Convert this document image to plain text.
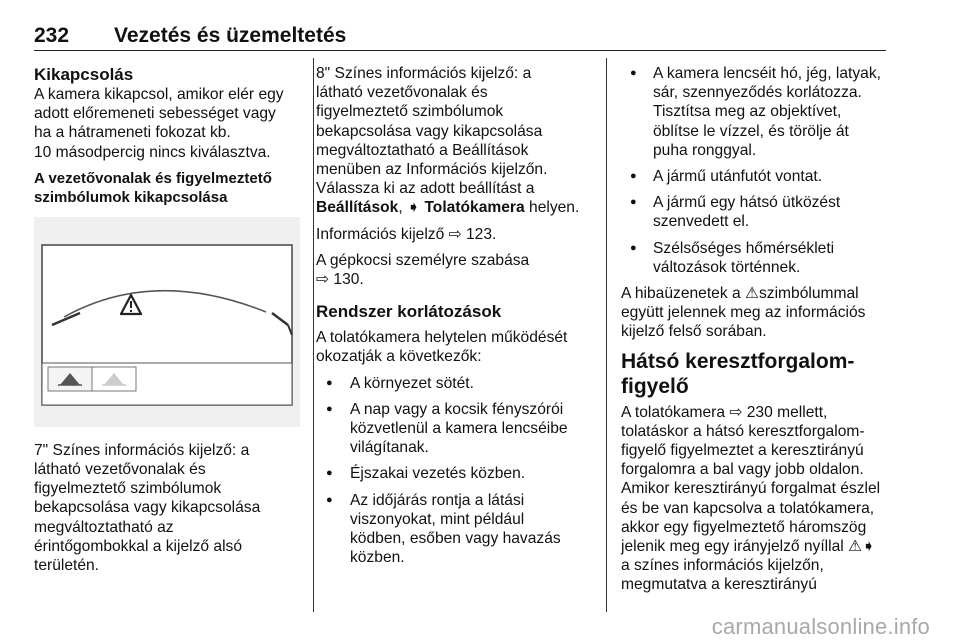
232 Vezetés és üzemeltetés
Kikapcsolás

A kamera kikapcsol, amikor elér egy
adott előremeneti sebességet vagy
ha a hátrameneti fokozat kb.
10 másodpercig nincs kiválasztva.

A vezetővonalak és figyelmeztető
szimbólumok kikapcsolása

7" Színes információs kijelző: a
látható vezetővonalak és
figyelmeztető szimbólumok
bekapcsolása vagy kikapcsolása
megváltoztatható az
érintőgombokkal a kijelző alsó
területén.

8" Színes információs kijelző: a
látható vezetővonalak és
figyelmeztető szimbólumok
bekapcsolása vagy kikapcsolása
megváltoztatható a Beállítások
menüben az Információs kijelzőn.
Válassza ki az adott beállítást a
Beállítások, ➧ Tolatókamera helyen.

Információs kijelző ⇨ 123.

A gépkocsi személyre szabása
⇨ 130.

Rendszer korlátozások

A tolatókamera helytelen működését
okozatják a következők:

● A környezet sötét.
● A nap vagy a kocsik fényszórói
közvetlenül a kamera lencséibe
világítanak.
● Éjszakai vezetés közben.
● Az időjárás rontja a látási
viszonyokat, mint például
ködben, esőben vagy havazás
közben.
● A kamera lencséit hó, jég, latyak,
sár, szennyeződés korlátozza.
Tisztítsa meg az objektívet,
öblítse le vízzel, és törölje át
puha ronggyal.
● A jármű utánfutót vontat.
● A jármű egy hátsó ütközést
szenvedett el.
● Szélsőséges hőmérsékleti
változások történnek.

A hibaüzenetek a ⚠szimbólummal
együtt jelennek meg az információs
kijelző felső sorában.

Hátsó keresztforgalom-
figyelő

A tolatókamera ⇨ 230 mellett,
tolatáskor a hátsó keresztforgalom-
figyelő figyelmeztet a keresztirányú
forgalomra a bal vagy jobb oldalon.
Amikor keresztirányú forgalmat észlel
és be van kapcsolva a tolatókamera,
akkor egy figyelmeztető háromszög
jelenik meg egy irányjelző nyíllal ⚠➧
a színes információs kijelzőn,
megmutatva a keresztirányú

carmanualsonline.info
